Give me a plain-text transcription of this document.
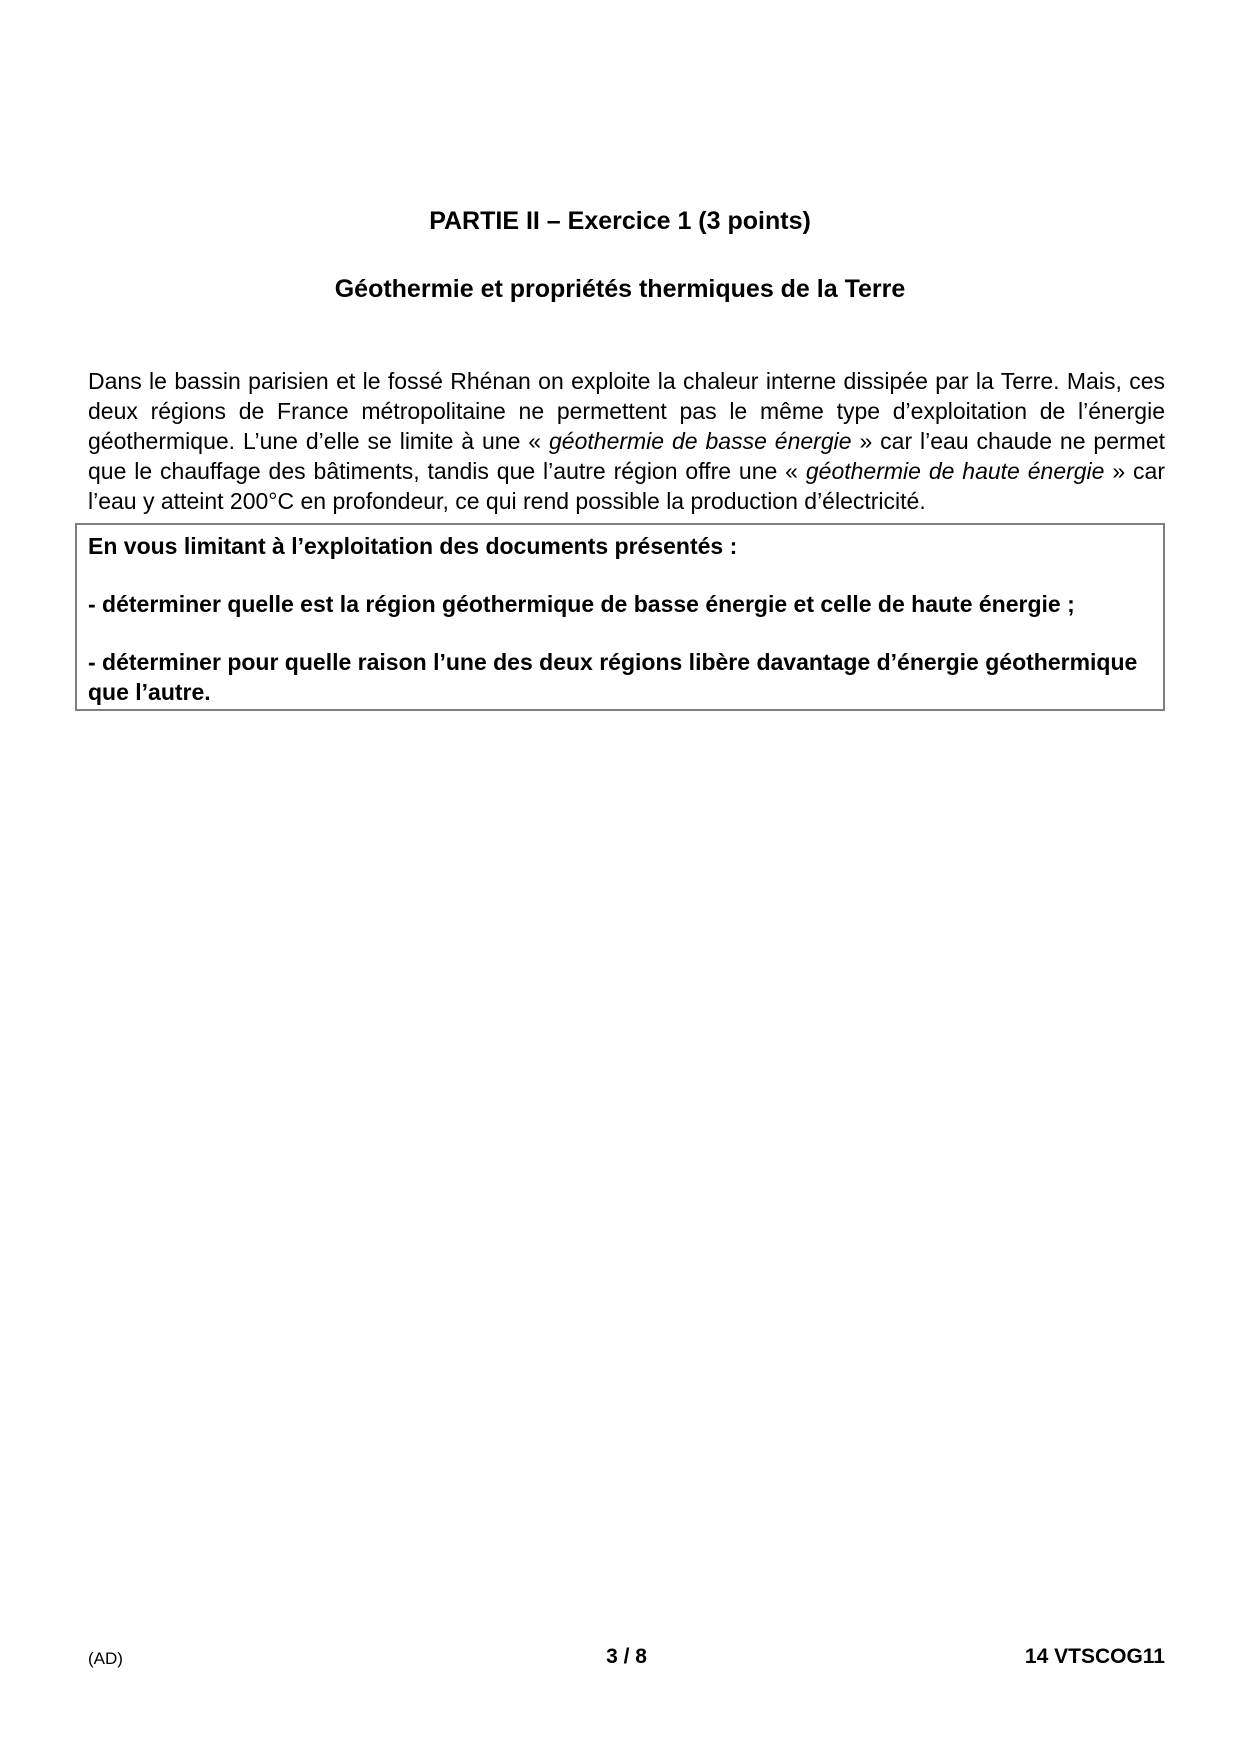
PARTIE II – Exercice 1 (3 points)
Géothermie et propriétés thermiques de la Terre
Dans le bassin parisien et le fossé Rhénan on exploite la chaleur interne dissipée par la Terre. Mais, ces
deux régions de France métropolitaine ne permettent pas le même type d’exploitation de l’énergie
géothermique. L’une d’elle se limite à une « géothermie de basse énergie » car l’eau chaude ne permet
que le chauffage des bâtiments, tandis que l’autre région offre une « géothermie de haute énergie » car
l’eau y atteint 200°C en profondeur, ce qui rend possible la production d’électricité.

En vous limitant à l’exploitation des documents présentés :

- déterminer quelle est la région géothermique de basse énergie et celle de haute énergie ;

- déterminer pour quelle raison l’une des deux régions libère davantage d’énergie géothermique
que l’autre.

(AD)	3 / 8	14 VTSCOG11
